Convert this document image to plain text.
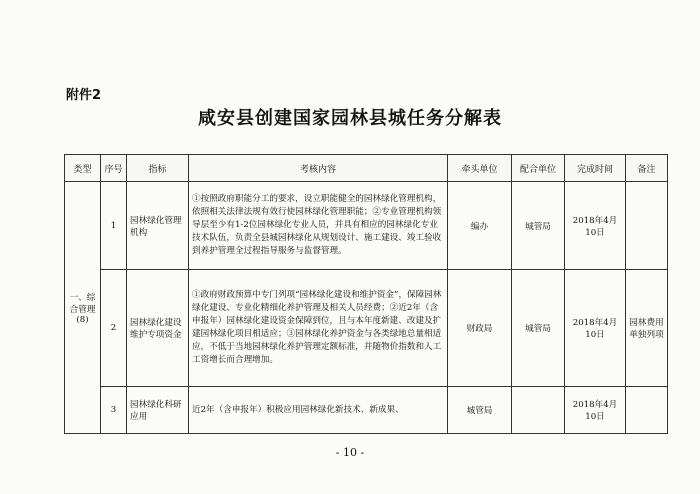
附件2
咸安县创建国家园林县城任务分解表
类型	序号	指标	考核内容	牵头单位	配合单位	完成时间	备注
一、综合管理(8)	1	园林绿化管理机构	①按照政府职能分工的要求，设立职能健全的园林绿化管理机构，依照相关法律法规有效行使园林绿化管理职能；②专业管理机构领导层至少有1-2位园林绿化专业人员，并具有相应的园林绿化专业技术队伍，负责全县城园林绿化从规划设计、施工建设、竣工验收到养护管理全过程指导服务与监督管理。	编办	城管局	2018年4月10日	
	2	园林绿化建设维护专项资金	①政府财政预算中专门列项“园林绿化建设和维护资金”，保障园林绿化建设、专业化精细化养护管理及相关人员经费；②近2年（含申报年）园林绿化建设资金保障到位，且与本年度新建、改建及扩建园林绿化项目相适应；③园林绿化养护资金与各类绿地总量相适应，不低于当地园林绿化养护管理定额标准，并随物价指数和人工工资增长而合理增加。	财政局	城管局	2018年4月10日	园林费用单独列项
	3	园林绿化科研应用	近2年（含申报年）积极应用园林绿化新技术、新成果、	城管局		2018年4月10日	
- 10 -
